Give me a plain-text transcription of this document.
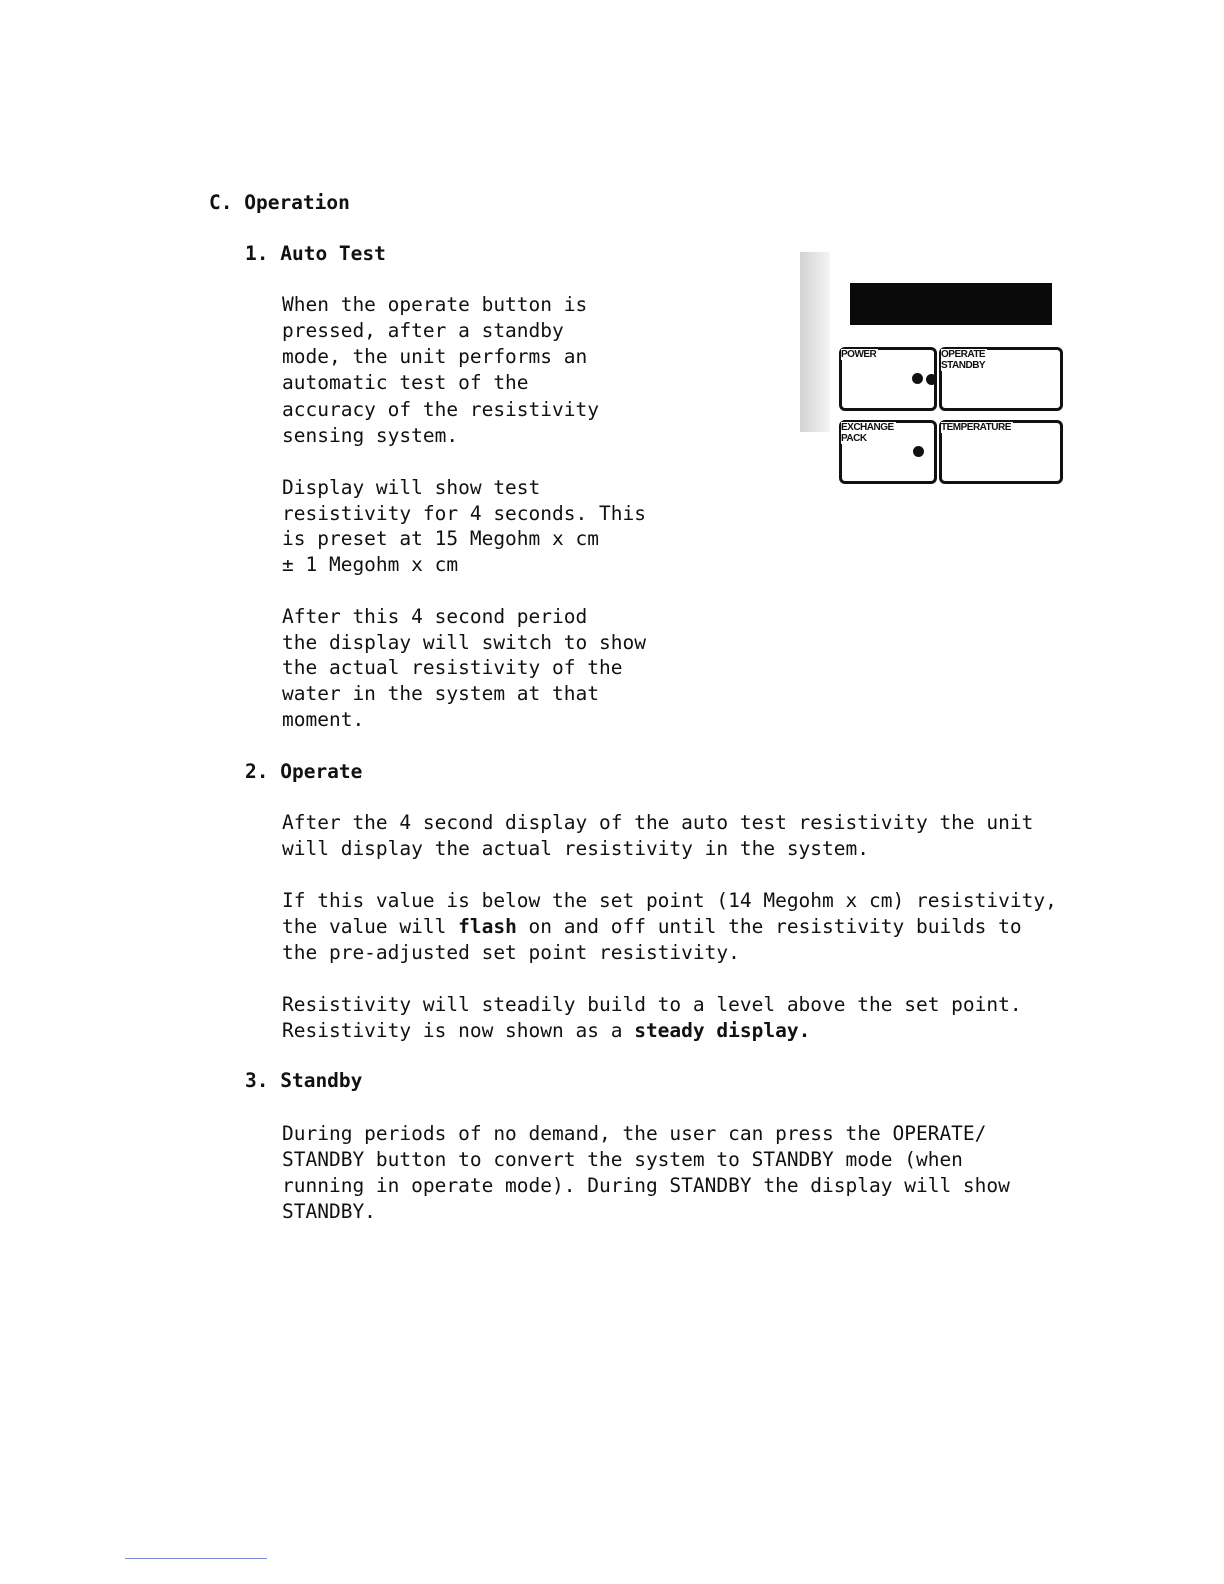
C. Operation
1. Auto Test
When the operate button is
pressed, after a standby
mode, the unit performs an
automatic test of the
accuracy of the resistivity
sensing system.
Display will show test
resistivity for 4 seconds. This
is preset at 15 Megohm x cm
± 1 Megohm x cm
After this 4 second period
the display will switch to show
the actual resistivity of the
water in the system at that
moment.
POWER	OPERATE
STANDBY
EXCHANGE
PACK
TEMPERATURE
2. Operate
After the 4 second display of the auto test resistivity the unit
will display the actual resistivity in the system.
If this value is below the set point (14 Megohm x cm) resistivity,
the value will flash on and off until the resistivity builds to
the pre-adjusted set point resistivity.
Resistivity will steadily build to a level above the set point.
Resistivity is now shown as a steady display.
3. Standby
During periods of no demand, the user can press the OPERATE/
STANDBY button to convert the system to STANDBY mode (when
running in operate mode). During STANDBY the display will show
STANDBY.
